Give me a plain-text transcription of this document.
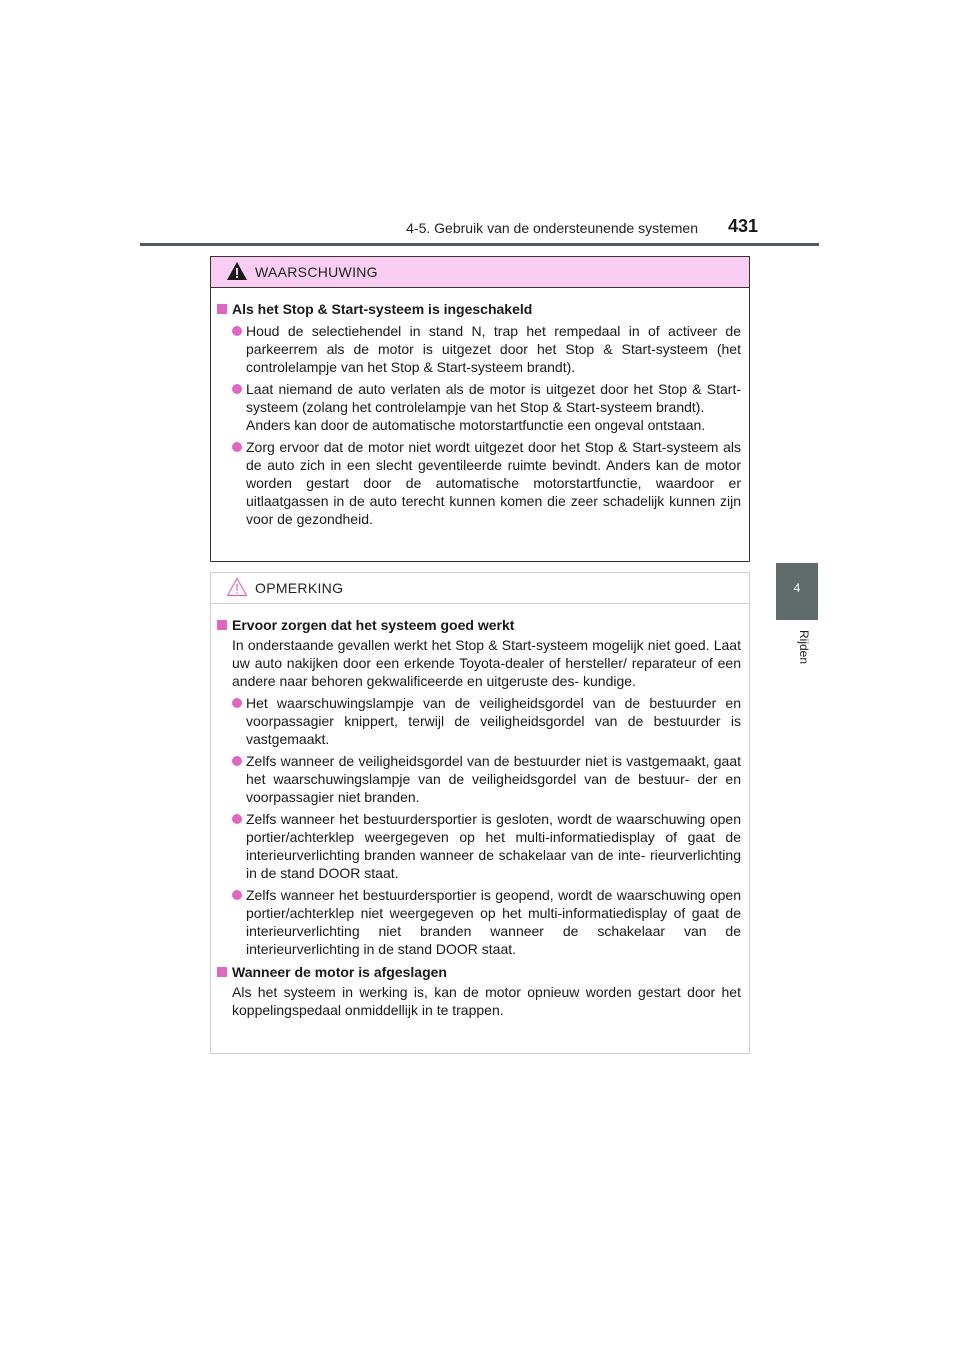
4-5. Gebruik van de ondersteunende systemen 431
4
Rijden
WAARSCHUWING
Als het Stop & Start-systeem is ingeschakeld
Houd de selectiehendel in stand N, trap het rempedaal in of activeer de parkeerrem als de motor is uitgezet door het Stop & Start-systeem (het controlelampje van het Stop & Start-systeem brandt).
Laat niemand de auto verlaten als de motor is uitgezet door het Stop & Start-systeem (zolang het controlelampje van het Stop & Start-systeem brandt).
Anders kan door de automatische motorstartfunctie een ongeval ontstaan.
Zorg ervoor dat de motor niet wordt uitgezet door het Stop & Start-systeem als de auto zich in een slecht geventileerde ruimte bevindt. Anders kan de motor worden gestart door de automatische motorstartfunctie, waardoor er uitlaatgassen in de auto terecht kunnen komen die zeer schadelijk kunnen zijn voor de gezondheid.
OPMERKING
Ervoor zorgen dat het systeem goed werkt
In onderstaande gevallen werkt het Stop & Start-systeem mogelijk niet goed. Laat uw auto nakijken door een erkende Toyota-dealer of hersteller/ reparateur of een andere naar behoren gekwalificeerde en uitgeruste des- kundige.
Het waarschuwingslampje van de veiligheidsgordel van de bestuurder en voorpassagier knippert, terwijl de veiligheidsgordel van de bestuurder is vastgemaakt.
Zelfs wanneer de veiligheidsgordel van de bestuurder niet is vastgemaakt, gaat het waarschuwingslampje van de veiligheidsgordel van de bestuur- der en voorpassagier niet branden.
Zelfs wanneer het bestuurdersportier is gesloten, wordt de waarschuwing open portier/achterklep weergegeven op het multi-informatiedisplay of gaat de interieurverlichting branden wanneer de schakelaar van de inte- rieurverlichting in de stand DOOR staat.
Zelfs wanneer het bestuurdersportier is geopend, wordt de waarschuwing open portier/achterklep niet weergegeven op het multi-informatiedisplay of gaat de interieurverlichting niet branden wanneer de schakelaar van de interieurverlichting in de stand DOOR staat.
Wanneer de motor is afgeslagen
Als het systeem in werking is, kan de motor opnieuw worden gestart door het koppelingspedaal onmiddellijk in te trappen.
